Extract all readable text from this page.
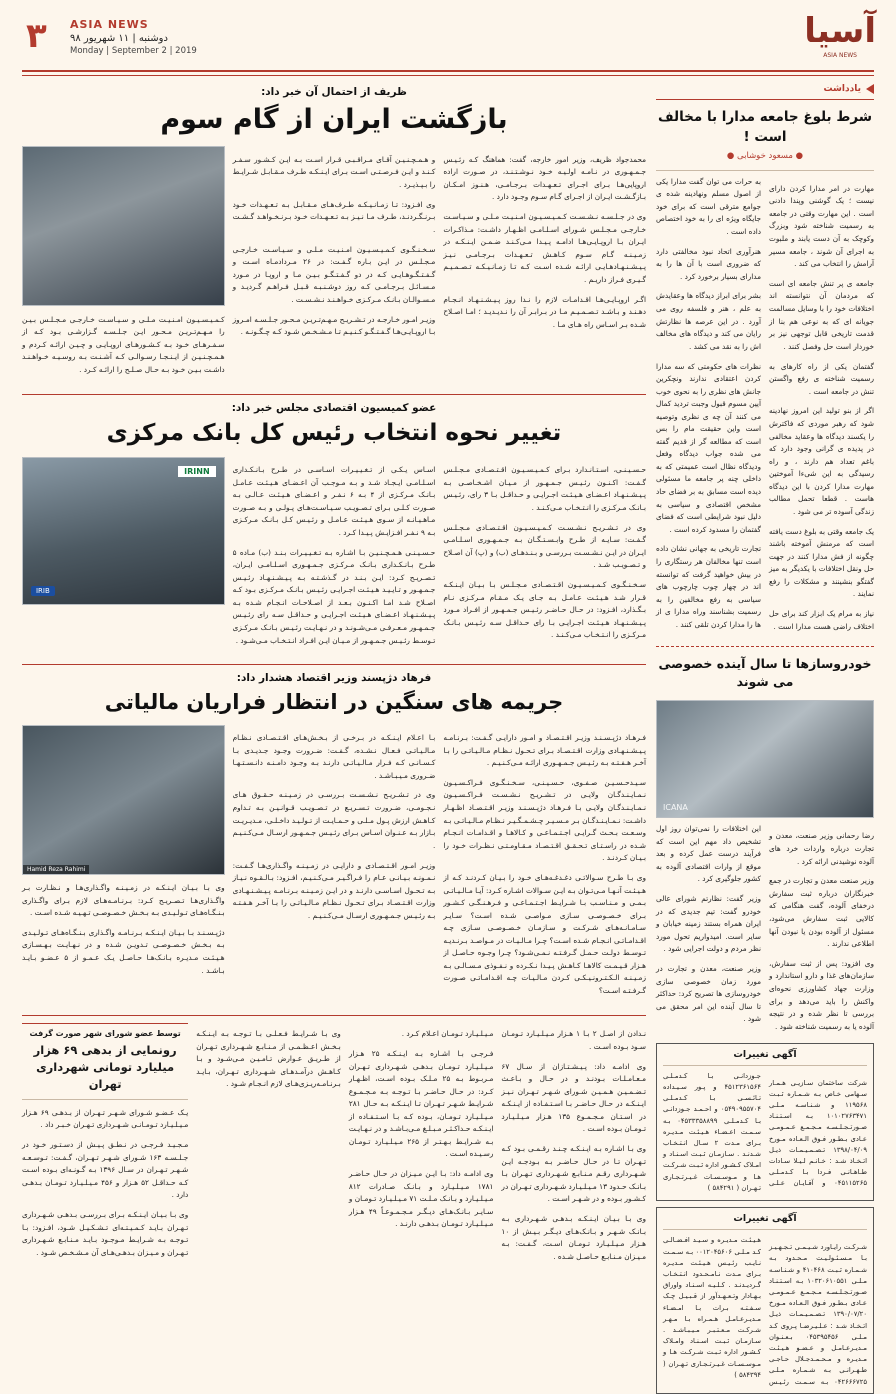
۳ ASIA NEWS
دوشنبه | ۱۱ شهریور ۹۸
Monday | September 2 | 2019	آسیا
ASIA NEWS
یادداشت
شرط بلوغ جامعه مدارا با مخالف است !
● مسعود خوشابی ●

مهارت در امر مدارا کردن دارای نیست ؛ یک گوشنی وپندا دادنی است . این مهارت وقتی در جامعه به رسمیت شناخته شود وبزرگ وکوچک به آن دست یابند و ملبوت به اجرای آن شوند ، جامعه مسیر آرامش را انتخاب می کند .

جامعه ی پر تنش جامعه ای است که مردمان آن نتوانسته اند اختلافات خود را با وسایل مسالمت جویانه ای که به نوعی هم بنا از قدمت تاریخی قابل توجهی نیز بر خوردار است حل وفصل کنند .

گفتمان یکی از راه کارهای به رسمیت شناخته ی رفع واگستن تنش در جامعه است .

اگر از بنو تولید این امروز نهادینه شود که رهبر موردی که فاکترش را یکسند دیدگاه ها وعقاید مخالفی در پدیده ی گرانی وجود دارد که باغم تعداد هم دارند ، و راه رسیدگی به این شیءا آموختین مهارت مدارا کردن با این دیدگاه هاست . قطعا تحمل مطالب زندگی آسوده تر می شود .

یک جامعه وقتی به بلوغ دست یافته است که مرمنش آموخته باشند چگونه از فش مدارا کنند در جهت حل ونقل اختلافات با یکدیگر به میز گفتگو بنشینند و مشکلات را رفع نمایند .

نیاز به مرام یک ابزار کند برای حل اختلاف راضی هست مدارا است .

به حرات می توان گفت مدارا یکی از اصول مسلم ونهادینه شده ی جوامع مترقی است که برای خود جایگاه ویژه ای را به خود اختصاص داده است .

هنرآوری اتحاد نبود مخالفتی دارد که ضروری است با آن ها را به مدارای بسیار برخورد کرد .

بشر برای ابراز دیدگاه ها وعقایدش به علم ، هنر و فلسفه روی می آورد . در این عرصه ها نظارتش رایان می کند و دیدگاه های مخالف اش را به نقد می کشد .

نظرات های حکومتی که سه مدارا کردن اعتقادی ندارند ونچکرین جانش های نظری را به نحوی خوب آیین مسوم قبول وجبت تردید کمال می کنند آن چه ی نظری وتوصیه است واین حقیقت مام را بس است که مطالعه گر از قدیم گفته می شده جواب دیدگاه وفعل ودیدگاه نظال است عمیمتی که به داخلی چنه پر جامعه ما مسئولی دیده است مسابق به بر فضای حاد مشخص اقتصادی و سیاسی به دلیل نبود شرایطی است که فضای گفتمان را مسدود کرده است .

تجارت تاریخی به جهانی نشان داده است تنها مخالفان هر رستگاری را در بیش خواهید گرفت که توانسته اند در چهار چوب چارچوب های سیاسی به رفع مخالفین را به رسمیت بشناسند وراه مدارا ی از ها را مدارا کردن تلقی کنند .

خودروسازها تا سال آینده خصوصی می شوند
ICANA

رضا رحمانی وزیر صنعت، معدن و تجارت درباره واردات خرد های آلوده نوشیدنی ارائه کرد .

وزیر صنعت معدن و تجارت در جمع خبرنگاران درباره ثبت سفارش درخفای آلوده، گفت هنگامی که کالایی ثبت سفارش می‌شود، مسئول از آلوده بودن یا نبودن آنها اطلاعی ندارند .

وی افزود: پس از ثبت سفارش، سازمان‌های غذا و دارو استاندارد و وزارت جهاد کشاورزی نحوه‌ای واکنش را باید می‌دهد و برای بررسی تا نظر شده و در نتیجه آلوده یا به رسمیت شناخته شود .

این اختلافات را نمی‌توان روز اول تشخیص داد مهم این است که فرآیند درست عمل کرده و بعد موقع از وارات اقتصادی آلوده به کشور جلوگیری کرد .

وزیر گفت: نظارتم شورای عالی خودرو گفت: تیم جدیدی که در ایران همراه بستند زمینه خیابان و سایر است. امیدواریم تحول مورد نظر مردم و دولت اجرایی شود .

وزیر صنعت، معدن و تجارت در مورد زمان خصوصی سازی خودروسازی ها تصریح کرد: حداکثر تا سال آینده این امر محقق می شود .

آگهی تغییرات

شرکت ساختمان سـازیـی هـمـار سـهامی خـاص بـه شـمـاره ثـبـت ۱۱۹۵۶۸ و شـنـاسـه مـلـی ۱۰۱۰۲۷۶۳۴۷۱ بـه اسـتـنـاد صـورتـجـلـسـه مـجـمـع عـمـومـی عـادی بـطـور فـوق الـعـاده مـورخ ۱۳۹۸/۰۴/۰۹ تـصـمـیـمـات ذیـل اتـخـاذ شـد : خـانـم لـیـلا سـادات طـاهـانـی فـردا بـا کـدمـلـی ۰۴۵۱۱۵۲۶۵ و آقـایـان عـلـی جـوزدانـی بـا کـدمـلـی ۴۵۱۲۳۶۱۵۶۴ و پـور سـیـداده تـائـسـی بـا کـدمـلـی ۰۵۴۹۰۹۵۵۷۰۴ و احـمـد جـوزدانـی بـا کـدمـلـی ۰۴۵۳۳۳۵۸۸۹۹ بـه سـمـت اعـضـاء هـیـئـت مـدیـره بـرای مـدت ۲ سـال انـتـخـاب شـدنـد . سـازمـان ثـبـت اسـنـاد و امـلاک کـشـور اداره ثـبـت شـرکـت هـا و مـوسـسـات غـیـرتـجـاری تـهـران ( ۵۸۴۲۹۱ )

آگهی تغییرات

شـرکـت رایـاورد شـیـمـی تـجـهـیـز بـا مـسـئـولـیـت مـحـدود بـه شـمـاره ثـبـت ۴۱۰۴۶۸ و شـنـاسـه مـلـی ۱۰۳۲۰۶۱۰۵۵۱ بـه اسـتـنـاد صـورتـجـلـسـه مـجـمـع عـمـومـی عـادی بـطـور فـوق الـعـاده مـورخ ۱۳۹۰/۰۷/۲۰ تـصـمـیـمـات ذیـل اتـخـاذ شـد : عـلـیـرضـا پـروی کـد مـلـی ۰۴۵۳۹۵۴۵۶ بـعـنـوان مـدیـرعـامـل و عـضـو هـیـئـت مـدیـره و مـحـمـدجـلال حـاجـی طـهـرانـی بـه شـمـاره مـلـی ۰۴۲۶۶۶۷۲۵ بـه سـمـت رئـیـس هـیـئـت مـدیـره و سـیـد افـضـالـی کـد مـلـی ۰۰۱۲۰۴۵۶۰۶ بـه سـمـت نـایـب رئـیـس هـیـئـت مـدیـره بـرای مـدت نـامـحـدود انـتـخـاب گـردیـدنـد . کـلـیـه اسـنـاد واوراق بـهـادار وتـعـهـدآور از قـبـیـل چـک سـفـتـه بـرات بـا امـضـاء مـدیـرعـامـل هـمـراه بـا مـهـر شـرکـت مـعـتـبـر مـیـبـاشـد . سـازمـان ثـبـت اسـنـاد وامـلاک کـشـور اداره ثـبـت شـرکـت هـا و مـوسـسـات غـیـرتـجـاری تـهـران ( ۵۸۴۳۹۴ )

ظریف از احتمال آن خبر داد:
بازگشت ایران از گام سوم

محمدجواد ظریف، وزیر امور خارجه، گفت: هماهنگ کـه رئـیـس جـمـهـوری در نـامـه اولـیـه خـود نـوشـتـنـد، در صـورت اراده اروپایی‌هـا بـرای اجـرای تـعـهـدات بـرجـامـی، هـنـوز امـکـان بـازگـشـت ایـران از اجـرای گـام سـوم وجـود دارد .

وی در جـلـسـه نـشـسـت کـمـیـسـیـون امـنـیـت مـلـی و سـیـاسـت خـارجـی مـجـلـس شـورای اسـلـامـی اظـهـار داشـت: مـذاکـرات ایـران بـا اروپـایـی‌هـا ادامـه پـیـدا مـی‌کـنـد ضـمـن ایـنـکـه در زمـیـنـه گـام سـوم کـاهـش تـعـهـدات بـرجـامـی نـیـز پـیـشـنـهـادهـایـی ارائـه شـده اسـت کـه تـا زمـانـیـکـه تـصـمـیـم گـیـری فـراز داریـم .

اگـر اروپـایـی‌هـا اقـدامـات لازم را نـدا روز پـیـشـنـهـاد انـجـام دهـنـد و بـاشـد تـصـمـیـم مـا در بـرابـر آن را نـدیـدیـد ؛ امـا اصـلاح شـده بـر اسـاس راه هـای مـا .

و هـمـچـنـیـن آقـای مـراقـبـی قـرار اسـت بـه ایـن کـشـور سـفـر کـنـد و ایـن فـرصـتـی اسـت بـرای ایـنـکـه طـرف مـقـابـل شـرایـط را بـپـذیـرد .

وی افـزود: تـا زمـانـیـکـه طـرف‌هـای مـقـابـل بـه تـعـهـدات خـود بـرنـگـردنـد، طـرف مـا نـیـز بـه تـعـهـدات خـود بـرنـخـواهـد گـشـت .

سـخـنـگـوی کـمـیـسـیـون امـنـیـت مـلـی و سـیـاسـت خـارجـی مـجـلـس در ایـن بـاره گـفـت: در ۲۶ مـردادمـاه اسـت و گـفـتـگـوهـایـی کـه در دو گـفـتـگـو بـیـن مـا و اروپـا در مـورد مـسـائـل بـرجـامـی کـه روز دوشـنـبـه قـبـل فـراهـم گـردیـد و مـسـوالـان بـانـک مـرکـزی خـواهـنـد نـشـسـت .

وزیـر امـور خـارجـه در تـشـریـح مـهـم‌تـریـن مـحـور جـلـسـه امـروز بـا اروپـایـی‌هـا گـفـتـگـو کـنـیـم تـا مـشـخـص شـود کـه چـگـونـه .

کـمـیـسـیـون امـنـیـت مـلـی و سـیـاسـت خـارجـی مـجـلـس بـیـن را مـهـم‌تـریـن مـحـور ایـن جـلـسـه گـزارشـی بـود کـه از سـفـرهـای خـود بـه کـشـورهـای اروپـایـی و چـیـن ارائـه کـردم و هـمـچـنـیـن از ایـنـجـا رسـوالـی کـه آشـنـت بـه روسـیـه خـواهـنـد داشـت بـیـن خـود بـه حـال صـلـح را ارائـه کـرد .

عضو کمیسیون اقتصادی مجلس خبر داد:
تغییر نحوه انتخاب رئیس کل بانک مرکزی

حـسـیـنـی، اسـتـانـدارد بـرای کـمـیـسـیـون اقـتـصـادی مـجـلـس گـفـت: اکـنـون رئـیـس جـمـهـور از مـیـان اشـخـاصـی بـه پـیـشـنـهـاد اعـضـای هـیـئـت اجـرایـی و حـداقـل بـا ۳ رای، رئـیـس بـانـک مـرکـزی را انـتـخـاب مـی‌کـنـد .

وی در تـشـریـح نـشـسـت کـمـیـسـیـون اقـتـصـادی مـجـلـس گـفـت: سـایـه از طـرح وابـسـتـگـان بـه جـمـهـوری اسـلـامـی ایـران در ایـن نـشـسـت بـررسـی و بـنـدهـای (ب) و (پ) آن اصـلاح و تـصـویـب شـد .

سـخـنـگـوی کـمـیـسـیـون اقـتـصـادی مـجـلـس بـا بـیـان ایـنـکـه قـرار شـد هـیـئـت عـامـل بـه جـای یـک مـقـام مـرکـزی نـام بـگـذارد، افـزود: در حـال حـاضـر رئـیـس جـمـهـور از افـراد مـورد پـیـشـنـهـاد هـیـئـت اجـرایـی بـا رای حـداقـل سـه رئـیـس بـانـک مـرکـزی را انـتـخـاب مـی‌کـنـد .

اسـاس یـکـی از تـغـیـیـرات اسـاسـی در طـرح بـانـکـداری اسـلـامـی ایـجـاد شـد و بـه مـوجـب آن اعـضـای هـیـئـت عـامـل بـانـک مـرکـزی از ۴ بـه ۶ نـفـر و اعـضـای هـیـئـت عـالـی بـه صـورت کـلـی بـرای تـصـویـب سـیـاسـت‌هـای پـولـی و بـه صـورت مـاهـیـانـه از سـوی هـیـئـت عـامـل و رئـیـس کـل بـانـک مـرکـزی بـه ۹ نـفـر افـزایـش پـیـدا کـرد .

حـسـیـنـی هـمـچـنـیـن بـا اشـاره بـه تـغـیـیـرات بـنـد (ب) مـاده ۵ طـرح بـانـکـداری بـانـک مـرکـزی جـمـهـوری اسـلـامـی ایـران، تـصـریـح کـرد: ایـن بـنـد در گـذشـتـه بـه پـیـشـنـهـاد رئـیـس جـمـهـور و تـایـیـد هـیـئـت اجـرایـی رئـیـس بـانـک مـرکـزی بـود کـه اصـلاح شـد امـا اکـنـون بـعـد از اصـلاحـات انـجـام شـده بـه پـیـشـنـهـاد اعـضـای هـیـئـت اجـرایـی و حـداقـل سـه رای رئـیـس جـمـهـور مـعـرفـی مـی‌شـونـد و در نـهـایـت رئـیـس بـانـک مـرکـزی تـوسـط رئـیـس جـمـهـور از مـیـان ایـن افـراد انـتـخـاب مـی‌شـود .

IRINN
IRIB
فرهاد دژپسند وزیر اقتصاد هشدار داد:
جریمه های سنگین در انتظار فراریان مالیاتی

فـرهـاد دژپـسـنـد وزیـر اقـتـصـاد و امـور دارایـی گـفـت: بـرنـامـه پـیـشـنـهـادی وزارت اقـتـصـاد بـرای تـحـول نـظـام مـالـیـاتـی را بـا آخـر هـفـتـه بـه رئـیـس جـمـهـوری ارائـه مـی‌کـنـیـم .

سـیـدحـسـیـن صـفـوی، حـسـیـنـی، سـخـنـگـوی فـراکـسـیـون نـمـایـنـدگـان ولایـی در تـشـریـح نـشـسـت فـراکـسـیـون نـمـایـنـدگـان ولایـی بـا فـرهـاد دژپـسـنـد وزیـر اقـتـصـاد اظـهـار داشـت: نـمـایـنـدگـان بـر مـسـیـر چـشـمـگـیـر نـظـام مـالـیـاتـی بـه وسـعـت بـحـث گـرایـی اجـتـمـاعـی و کـالاهـا و اقـدامـات انـجـام شـده در راسـتـای تـحـقـق اقـتـصـاد مـقـاومـتـی نـظـرات خـود را بـیـان کـردنـد .

وی بـا طـرح سـوالاتـی دغـدغـه‌هـای خـود را بـیـان کـردنـد کـه از هـیـئـت آنـهـا مـی‌تـوان بـه ایـن سـوالات اشـاره کـرد: آیـا مـالـیـاتـی بـمـی و مـنـاسـب بـا شـرایـط اجـتـمـاعـی و فـرهـنـگـی کـشـور بـرای خـصـوصـی سـازی مـواصـی شـده اسـت؟ سـایـر سـامـانـه‌هـای شـرکـت و سـازمـان خـصـوصـی سـازی چـه اقـدامـاتـی انـجـام شـده اسـت؟ چـرا مـالـیـات در مـواصـد بـرنـدیـه تـوسـط دولـت حـمـل گـرفـتـه نـمـی‌شـود؟ چـرا وجـوه حـاصـل از هـزار قـیـمـت کالاهـا کـاهـش پـیـدا نـکـرده و نـفـوذی مـسـالـی بـه زمـیـنـه الـکـتـرونـیـکـی کـردن مـالـیـات چـه اقـدامـاتـی صـورت گـرفـتـه اسـت؟

بـا اعـلام ایـنـکـه در بـرخـی از بـخـش‌هـای اقـتـصـادی نـظـام مـالـیـاتـی فـعـال نـشـده، گـفـت: ضـرورت وجـود جـدیـدی بـا کـسـانـی کـه فـرار مـالـیـاتـی دارنـد بـه وجـود دامـنـه دانـسـتـهـا ضـروری مـیـبـاشـد .

وی در تـشـریـح نـشـسـت بـررسـی در زمـیـنـه حـقـوق هـای نـجـومـی، ضـرورت تـسـریـع در تـصـویـب قـوانـیـن بـه تـداوم کـاهـش ارزش پـول مـلـی و حـمـایـت از تـولـیـد داخـلـی، مـدیـریـت بـازار بـه عـنـوان اسـاس بـرای رئـیـس جـمـهـور ارسـال مـی‌کـنـیـم .

وزیـر امـور اقـتـصـادی و دارایـی در زمـیـنـه واگـذاری‌هـا گـفـت: نـمـونـه بـیـانـی عـام را فـراگـیـر مـی‌کـنـیـم، افـزود: بـالـقـوه نـیـاز بـه تـحـول اسـاسـی دارنـد و در ایـن زمـیـنـه بـرنـامـه پـیـشـنـهـادی وزارت اقـتـصـاد بـرای تـحـول نـظـام مـالـیـاتـی را بـا آخـر هـفـتـه بـه رئـیـس جـمـهـوری ارسـال مـی‌کـنـیـم .

Hamid Reza Rahimi

وی بـا بـیـان ایـنـکـه در زمـیـنـه واگـذاری‌هـا و نـظـارت بـر واگـذاری‌هـا تـصـریـح کـرد: بـرنـامـه‌هـای لازم بـرای واگـذاری بـنـگـاه‌هـای تـولـیـدی بـه بـخـش خـصـوصـی تـهـیـه شـده اسـت .

دژپـسـنـد بـا بـیـان ایـنـکـه بـرنـامـه واگـذاری بـنـگـاه‌هـای تـولـیـدی بـه بـخـش خـصـوصـی تـدویـن شـده و در نـهـایـت بـهـسـازی هـیـئـت مـدیـره بـانـک‌هـا حـاصـل یـک عـمـو از ۵ عـضـو بـایـد بـاشـد .

نـدادن از اصـل ۲ بـا ۱ هـزار مـیـلـیـارد تـومـان سـود بـوده اسـت .

وی ادامـه داد: پـیـشـتـازان از سـال ۶۷ مـعـامـلـات بـودنـد و در حـال و بـاعـث تـضـمـیـن هـمـیـن شـورای شـهـر تـهـران نـیـز ایـنـکـه در حـال حـاضـر بـا اسـتـفـاده از ایـنـکـه در اسـتـان مـجـمـوع ۱۳۵ هـزار مـیـلـیـارد تـومـان بـوده اسـت .

وی بـا اشـاره بـه ایـنـکـه چـنـد رقـمـی بـود کـه تـهـران تـا در حـال حـاضـر بـه بـودجـه ایـن شـهـرداری رقـم مـنـابـع شـهـرداری تـهـران بـا بـانـک حـدود ۱۳ مـیـلـیـارد شـهـرداری تـهـران در کـشـور بـوده و در شـهـر اسـت .

وی بـا بـیـان ایـنـکـه بـدهـی شـهـرداری بـه بـانـک شـهـر و بـانـک‌هـای دیـگـر بـیـش از ۱۰ هـزار مـیـلـیـارد تـومـان اسـت، گـفـت: بـه مـیـزان مـنـابـع حـاصـل شـده .

مـیـلـیـارد تـومـان اعـلام کـرد .

فـرجـی بـا اشـاره بـه ایـنـکـه ۲۵ هـزار مـیـلـیـارد تـومـان بـدهـی شـهـرداری تـهـران مـربـوط بـه ۲۵ مـلـک بـوده اسـت، اظـهـار کـرد: در حـال حـاضـر بـا تـوجـه بـه مـجـمـوع شـرایـط شـهـر تـهـران تـا ایـنـکـه بـه حـال ۲۸۱ مـیـلـیـارد تـومـان، بـوده کـه بـا اسـتـفـاده از ایـنـکـه حـداکـثـر مـبـلـغ مـی‌بـاشـد و در نـهـایـت بـه شـرایـط بـهـتـر از ۲۶۵ مـیـلـیـارد تـومـان رسـیـده اسـت .

وی ادامـه داد: بـا ایـن مـیـزان در حـال حـاضـر ۱۷۸۱ مـیـلـیـارد و بـانـک صـادرات ۸۱۲ مـیـلـیـارد و بـانـک مـلـت ۷۱ مـیـلـیـارد تـومـان و سـایـر بـانـک‌هـای دیـگـر مـجـمـوعـاً ۴۹ هـزار مـیـلـیـارد تـومـان بـدهـی دارنـد .

وی بـا شـرایـط فـعـلـی بـا تـوجـه بـه ایـنـکـه بـخـش اعـظـمـی از مـنـابـع شـهـرداری تـهـران از طـریـق عـوارض تـامـیـن مـی‌شـود و بـا کـاهـش درآمـدهـای شـهـرداری تـهـران، بـایـد بـرنـامـه‌ریـزی‌هـای لازم انـجـام شـود .

توسط عضو شورای شهر صورت گرفت
رونمایی از بدهی ۶۹ هزار میلیارد تومانی شهرداری تهران

یـک عـضـو شـورای شـهـر تـهـران از بـدهـی ۶۹ هـزار مـیـلـیـارد تـومـانـی شـهـرداری تـهـران خـبـر داد .

مـجـیـد فـرجـی در نـطـق پـیـش از دسـتـور خـود در جـلـسـه ۱۶۳ شـورای شـهـر تـهـران، گـفـت: تـوسـعـه شـهـر تـهـران در سـال ۱۳۹۶ بـه گـونـه‌ای بـوده اسـت کـه حـداقـل ۵۲ هـزار و ۴۵۶ مـیـلـیـارد تـومـان بـدهـی دارد .

وی بـا بـیـان ایـنـکـه بـرای بـررسـی بـدهـی شـهـرداری تـهـران بـایـد کـمـیـتـه‌ای تـشـکـیـل شـود، افـزود: بـا تـوجـه بـه شـرایـط مـوجـود بـایـد مـنـابـع شـهـرداری تـهـران و مـیـزان بـدهـی‌هـای آن مـشـخـص شـود .
